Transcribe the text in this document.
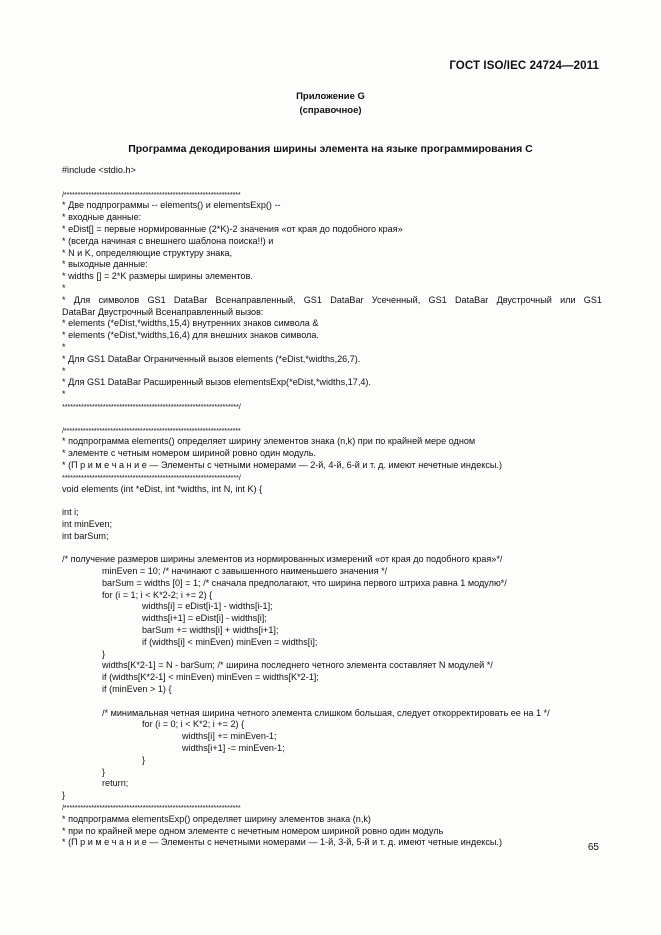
ГОСТ ISO/IEC 24724—2011
Приложение G
(справочное)
Программа декодирования ширины элемента на языке программирования С
#include <stdio.h>
/*****************************************************************
* Две подпрограммы -- elements() и elementsExp() --
* входные данные:
* eDist[] = первые нормированные (2*K)-2 значения «от края до подобного края»
* (всегда начиная с внешнего шаблона поиска!!) и
* N и K, определяющие структуру знака,
* выходные данные:
* widths [] = 2*K размеры ширины элементов.
*
* Для символов GS1 DataBar Всенаправленный, GS1 DataBar Усеченный, GS1 DataBar Двустрочный или GS1
DataBar Двустрочный Всенаправленный вызов:
* elements (*eDist,*widths,15,4) внутренних знаков символа &
* elements (*eDist,*widths,16,4) для внешних знаков символа.
*
* Для GS1 DataBar Ограниченный вызов elements (*eDist,*widths,26,7).
*
* Для GS1 DataBar Расширенный вызов elementsExp(*eDist,*widths,17,4).
*
*****************************************************************/
/*****************************************************************
* подпрограмма elements() определяет ширину элементов знака (n,k) при по крайней мере одном
* элементе с четным номером шириной ровно один модуль.
* (П р и м е ч а н и е — Элементы с четными номерами — 2-й, 4-й, 6-й и т. д. имеют нечетные индексы.)
*****************************************************************/
void elements (int *eDist, int *widths, int N, int K) {
int i;
int minEven;
int barSum;
/* получение размеров ширины элементов из нормированных измерений «от края до подобного края»*/
minEven = 10; /* начинают с завышенного наименьшего значения */
barSum = widths [0] = 1; /* сначала предполагают, что ширина первого штриха равна 1 модулю*/
for (i = 1; i < K*2-2; i += 2) {
widths[i] = eDist[i-1] - widths[i-1];
widths[i+1] = eDist[i] - widths[i];
barSum += widths[i] + widths[i+1];
if (widths[i] < minEven) minEven = widths[i];
}
widths[K*2-1] = N - barSum; /* ширина последнего четного элемента составляет N модулей */
if (widths[K*2-1] < minEven) minEven = widths[K*2-1];
if (minEven > 1) {
/* минимальная четная ширина четного элемента слишком большая, следует откорректировать ее на 1 */
for (i = 0; i < K*2; i += 2) {
widths[i] += minEven-1;
widths[i+1] -= minEven-1;
}
}
return;
}
/*****************************************************************
* подпрограмма elementsExp() определяет ширину элементов знака (n,k)
* при по крайней мере одном элементе с нечетным номером шириной ровно один модуль
* (П р и м е ч а н и е — Элементы с нечетными номерами — 1-й, 3-й, 5-й и т. д. имеют четные индексы.)	65
